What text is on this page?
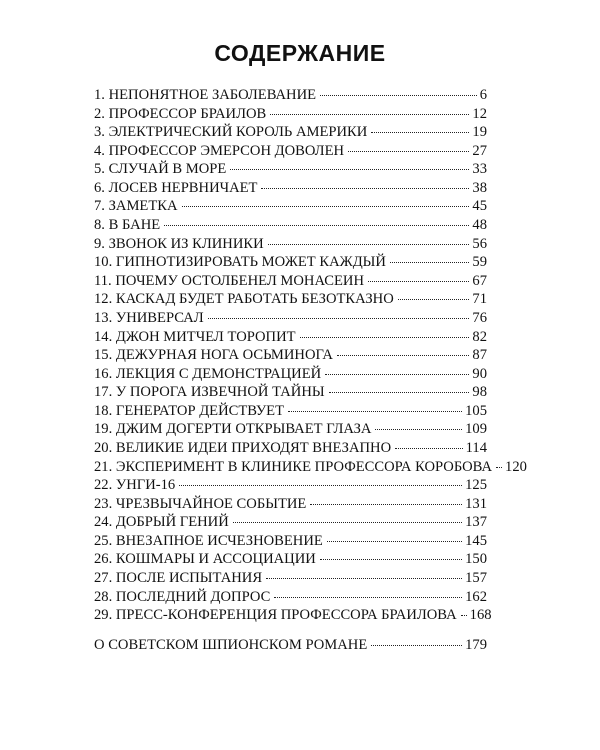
СОДЕРЖАНИЕ
1. НЕПОНЯТНОЕ ЗАБОЛЕВАНИЕ	6
2. ПРОФЕССОР БРАИЛОВ	12
3. ЭЛЕКТРИЧЕСКИЙ КОРОЛЬ АМЕРИКИ	19
4. ПРОФЕССОР ЭМЕРСОН ДОВОЛЕН	27
5. СЛУЧАЙ В МОРЕ	33
6. ЛОСЕВ НЕРВНИЧАЕТ	38
7. ЗАМЕТКА	45
8. В БАНЕ	48
9. ЗВОНОК ИЗ КЛИНИКИ	56
10. ГИПНОТИЗИРОВАТЬ МОЖЕТ КАЖДЫЙ	59
11. ПОЧЕМУ ОСТОЛБЕНЕЛ МОНАСЕИН	67
12. КАСКАД БУДЕТ РАБОТАТЬ БЕЗОТКАЗНО	71
13. УНИВЕРСАЛ	76
14. ДЖОН МИТЧЕЛ ТОРОПИТ	82
15. ДЕЖУРНАЯ НОГА ОСЬМИНОГА	87
16. ЛЕКЦИЯ С ДЕМОНСТРАЦИЕЙ	90
17. У ПОРОГА ИЗВЕЧНОЙ ТАЙНЫ	98
18. ГЕНЕРАТОР ДЕЙСТВУЕТ	105
19. ДЖИМ ДОГЕРТИ ОТКРЫВАЕТ ГЛАЗА	109
20. ВЕЛИКИЕ ИДЕИ ПРИХОДЯТ ВНЕЗАПНО	114
21. ЭКСПЕРИМЕНТ В КЛИНИКЕ ПРОФЕССОРА КОРОБОВА 120
22. УНГИ-16	125
23. ЧРЕЗВЫЧАЙНОЕ СОБЫТИЕ	131
24. ДОБРЫЙ ГЕНИЙ	137
25. ВНЕЗАПНОЕ ИСЧЕЗНОВЕНИЕ	145
26. КОШМАРЫ И АССОЦИАЦИИ	150
27. ПОСЛЕ ИСПЫТАНИЯ	157
28. ПОСЛЕДНИЙ ДОПРОС	162
29. ПРЕСС-КОНФЕРЕНЦИЯ ПРОФЕССОРА БРАИЛОВА 168
О СОВЕТСКОМ ШПИОНСКОМ РОМАНЕ	179
